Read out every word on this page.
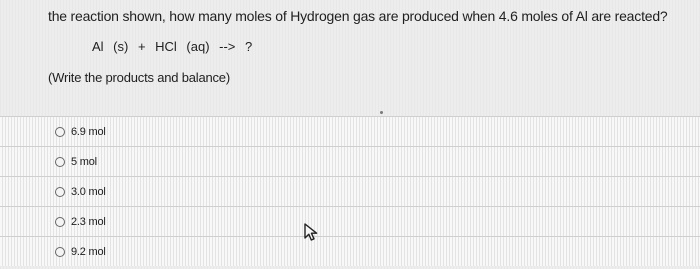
the reaction shown, how many moles of Hydrogen gas are produced when 4.6 moles of Al are reacted?
Al (s) + HCl (aq) --> ?
(Write the products and balance)
6.9 mol
5 mol
3.0 mol
2.3 mol
9.2 mol
